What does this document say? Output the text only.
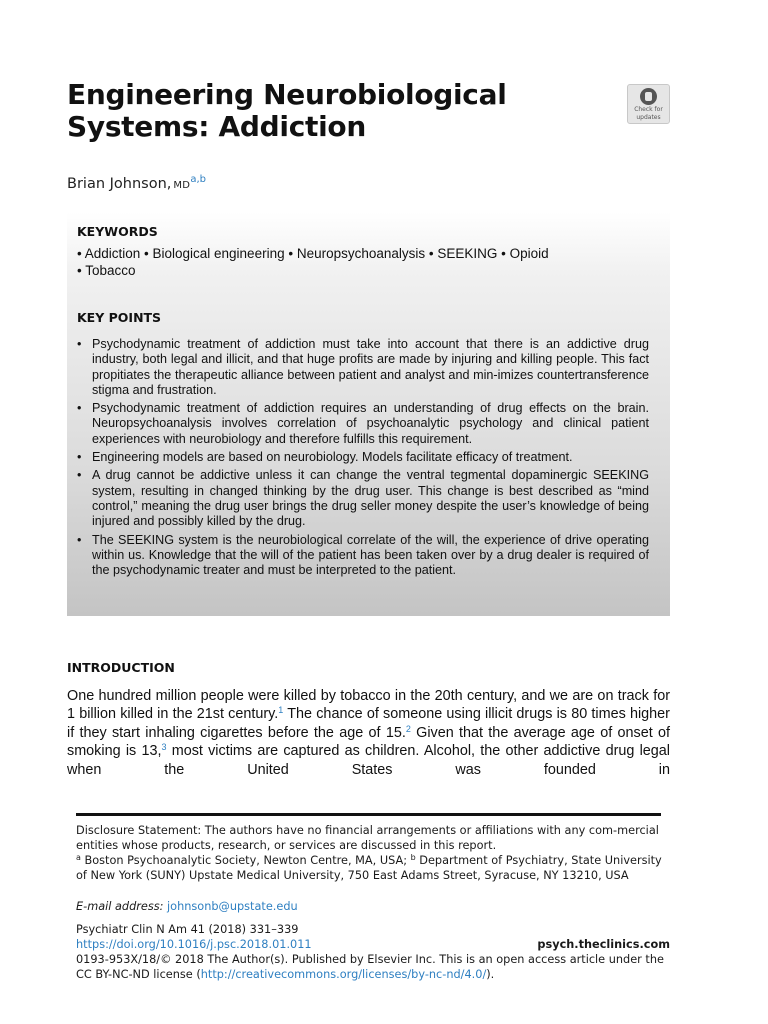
Engineering Neurobiological
Systems: Addiction
Check for
updates
Brian Johnson, MD$^{a,b}$
KEYWORDS
• Addiction • Biological engineering • Neuropsychoanalysis • SEEKING • Opioid
• Tobacco
KEY POINTS
• Psychodynamic treatment of addiction must take into account that there is an addictive drug industry, both legal and illicit, and that huge profits are made by injuring and killing people. This fact propitiates the therapeutic alliance between patient and analyst and min-imizes countertransference stigma and frustration.
• Psychodynamic treatment of addiction requires an understanding of drug effects on the brain. Neuropsychoanalysis involves correlation of psychoanalytic psychology and clinical patient experiences with neurobiology and therefore fulfills this requirement.
• Engineering models are based on neurobiology. Models facilitate efficacy of treatment.
• A drug cannot be addictive unless it can change the ventral tegmental dopaminergic SEEKING system, resulting in changed thinking by the drug user. This change is best described as “mind control,” meaning the drug user brings the drug seller money despite the user’s knowledge of being injured and possibly killed by the drug.
• The SEEKING system is the neurobiological correlate of the will, the experience of drive operating within us. Knowledge that the will of the patient has been taken over by a drug dealer is required of the psychodynamic treater and must be interpreted to the patient.
INTRODUCTION

One hundred million people were killed by tobacco in the 20th century, and we are on track for 1 billion killed in the 21st century.$^1$ The chance of someone using illicit drugs is 80 times higher if they start inhaling cigarettes before the age of 15.$^2$ Given that the average age of onset of smoking is 13,$^3$ most victims are captured as children. Alcohol, the other addictive drug legal when the United States was founded in

Disclosure Statement: The authors have no financial arrangements or affiliations with any com-mercial entities whose products, research, or services are discussed in this report.

$^a$ Boston Psychoanalytic Society, Newton Centre, MA, USA; $^b$ Department of Psychiatry, State University of New York (SUNY) Upstate Medical University, 750 East Adams Street, Syracuse, NY 13210, USA

E-mail address: johnsonb@upstate.edu

Psychiatr Clin N Am 41 (2018) 331–339

https://doi.org/10.1016/j.psc.2018.01.011	psych.theclinics.com

0193-953X/18/© 2018 The Author(s). Published by Elsevier Inc. This is an open access article under the CC BY-NC-ND license (http://creativecommons.org/licenses/by-nc-nd/4.0/).
